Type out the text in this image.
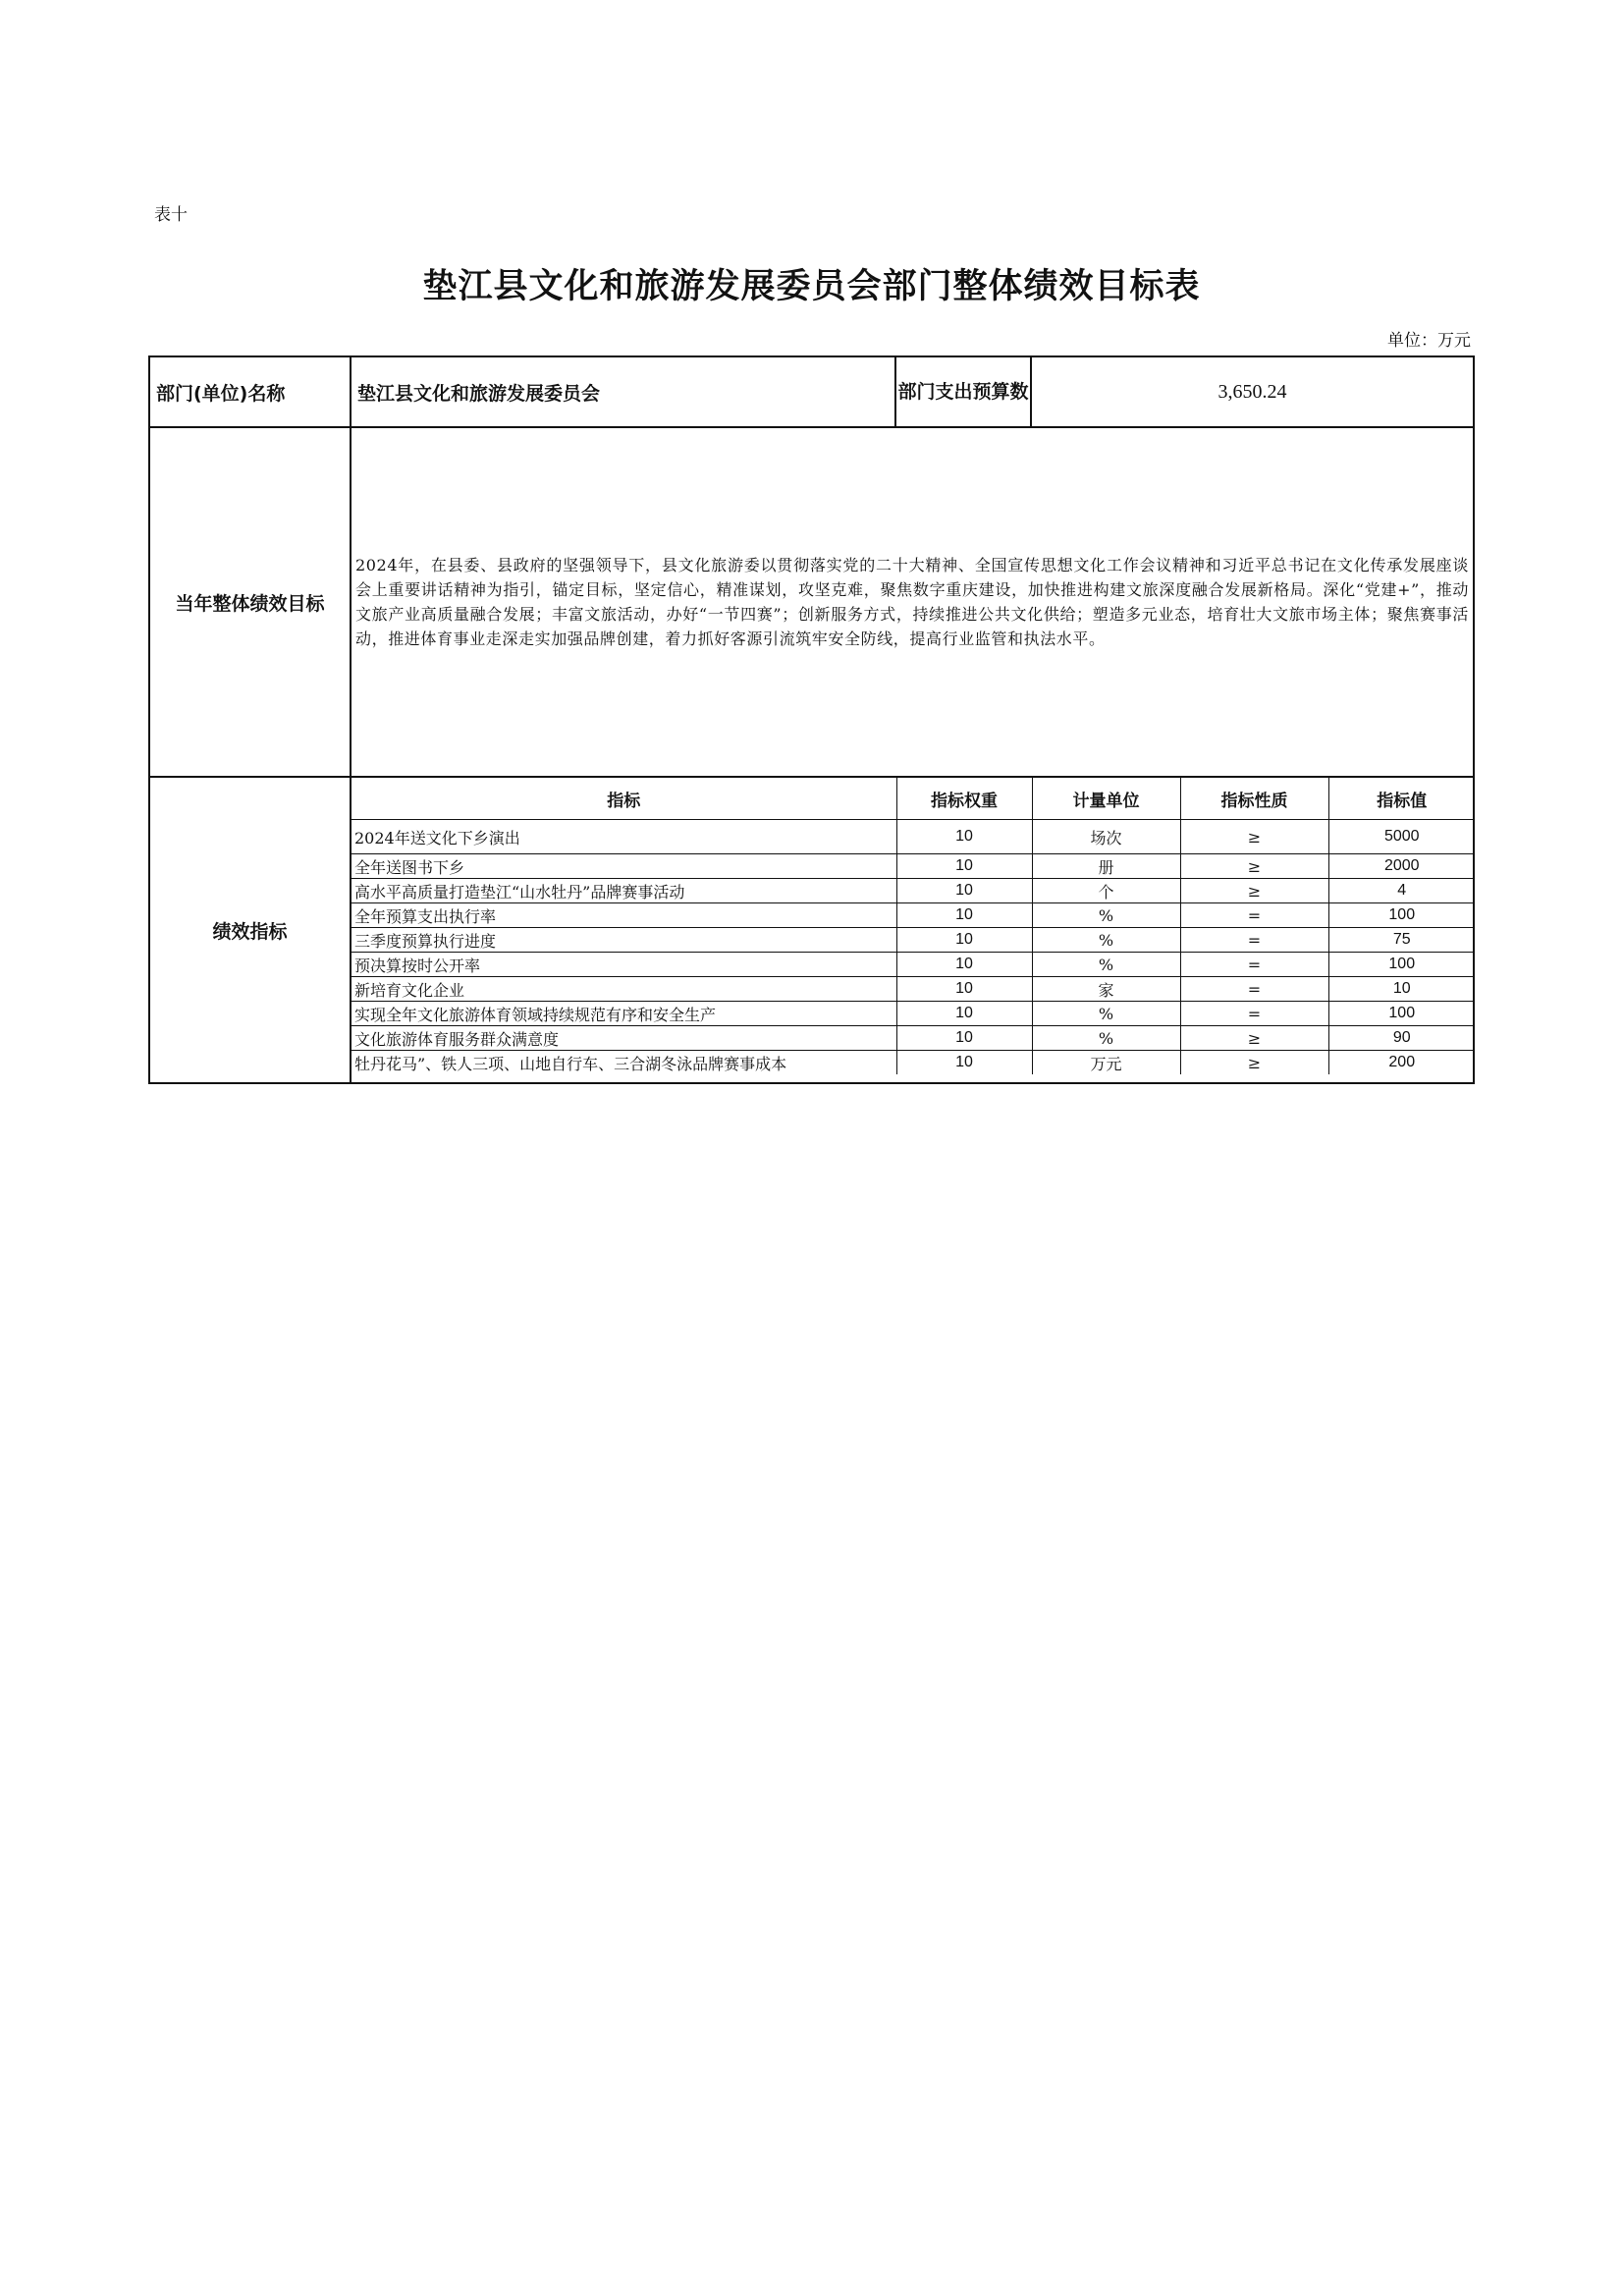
表十
垫江县文化和旅游发展委员会部门整体绩效目标表
单位：万元
部门(单位)名称	垫江县文化和旅游发展委员会	部门支出预算数	3,650.24
当年整体绩效目标	
2024年，在县委、县政府的坚强领导下，县文化旅游委以贯彻落实党的二十大精神、全国宣传思想文化工作会议精神和习近平总书记在文化传承发展座谈会上重要讲话精神为指引，锚定目标，坚定信心，精准谋划，攻坚克难，聚焦数字重庆建设，加快推进构建文旅深度融合发展新格局。深化“党建+”，推动文旅产业高质量融合发展；丰富文旅活动，办好“一节四赛”；创新服务方式，持续推进公共文化供给；塑造多元业态，培育壮大文旅市场主体；聚焦赛事活动，推进体育事业走深走实加强品牌创建，着力抓好客源引流筑牢安全防线，提高行业监管和执法水平。

绩效指标	
指标	指标权重	计量单位	指标性质	指标值
2024年送文化下乡演出	10	场次	≥	5000
全年送图书下乡	10	册	≥	2000
高水平高质量打造垫江“山水牡丹”品牌赛事活动	10	个	≥	4
全年预算支出执行率	10	%	=	100
三季度预算执行进度	10	%	=	75
预决算按时公开率	10	%	=	100
新培育文化企业	10	家	=	10
实现全年文化旅游体育领域持续规范有序和安全生产	10	%	=	100
文化旅游体育服务群众满意度	10	%	≥	90
牡丹花马”、铁人三项、山地自行车、三合湖冬泳品牌赛事成本	10	万元	≥	200
